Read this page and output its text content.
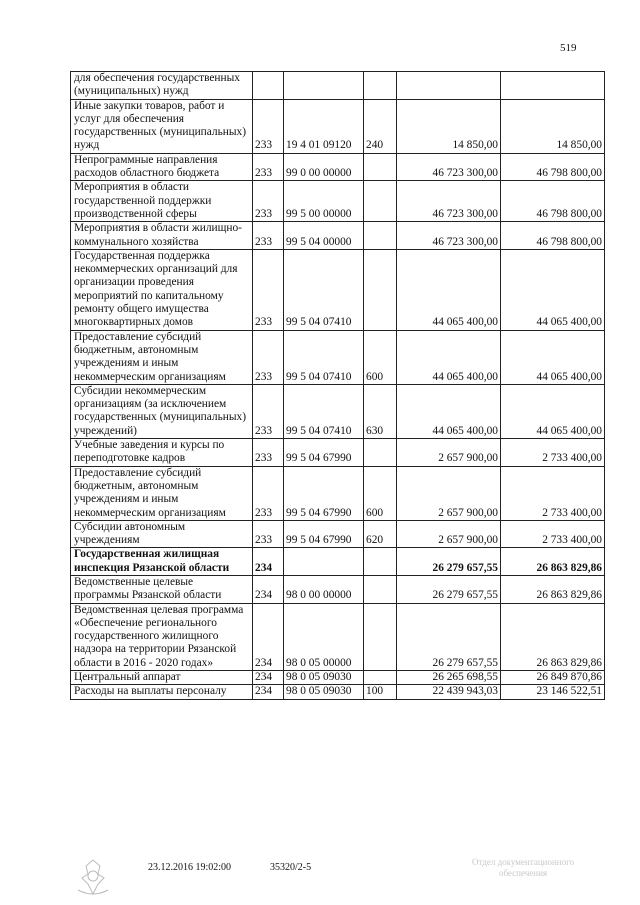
519
для обеспечения государственных (муниципальных) нужд					
Иные закупки товаров, работ и услуг для обеспечения государственных (муниципальных) нужд	233	19 4 01 09120	240	14 850,00	14 850,00
Непрограммные направления расходов областного бюджета	233	99 0 00 00000		46 723 300,00	46 798 800,00
Мероприятия в области государственной поддержки производственной сферы	233	99 5 00 00000		46 723 300,00	46 798 800,00
Мероприятия в области жилищно-коммунального хозяйства	233	99 5 04 00000		46 723 300,00	46 798 800,00
Государственная поддержка некоммерческих организаций для организации проведения мероприятий по капитальному ремонту общего имущества многоквартирных домов	233	99 5 04 07410		44 065 400,00	44 065 400,00
Предоставление субсидий бюджетным, автономным учреждениям и иным некоммерческим организациям	233	99 5 04 07410	600	44 065 400,00	44 065 400,00
Субсидии некоммерческим организациям (за исключением государственных (муниципальных) учреждений)	233	99 5 04 07410	630	44 065 400,00	44 065 400,00
Учебные заведения и курсы по переподготовке кадров	233	99 5 04 67990		2 657 900,00	2 733 400,00
Предоставление субсидий бюджетным, автономным учреждениям и иным некоммерческим организациям	233	99 5 04 67990	600	2 657 900,00	2 733 400,00
Субсидии автономным учреждениям	233	99 5 04 67990	620	2 657 900,00	2 733 400,00
Государственная жилищная инспекция Рязанской области	234			26 279 657,55	26 863 829,86
Ведомственные целевые программы Рязанской области	234	98 0 00 00000		26 279 657,55	26 863 829,86
Ведомственная целевая программа «Обеспечение регионального государственного жилищного надзора на территории Рязанской области в 2016 - 2020 годах»	234	98 0 05 00000		26 279 657,55	26 863 829,86
Центральный аппарат	234	98 0 05 09030		26 265 698,55	26 849 870,86
Расходы на выплаты персоналу	234	98 0 05 09030	100	22 439 943,03	23 146 522,51
23.12.2016 19:02:00	35320/2-5	Отдел документационного обеспечения
